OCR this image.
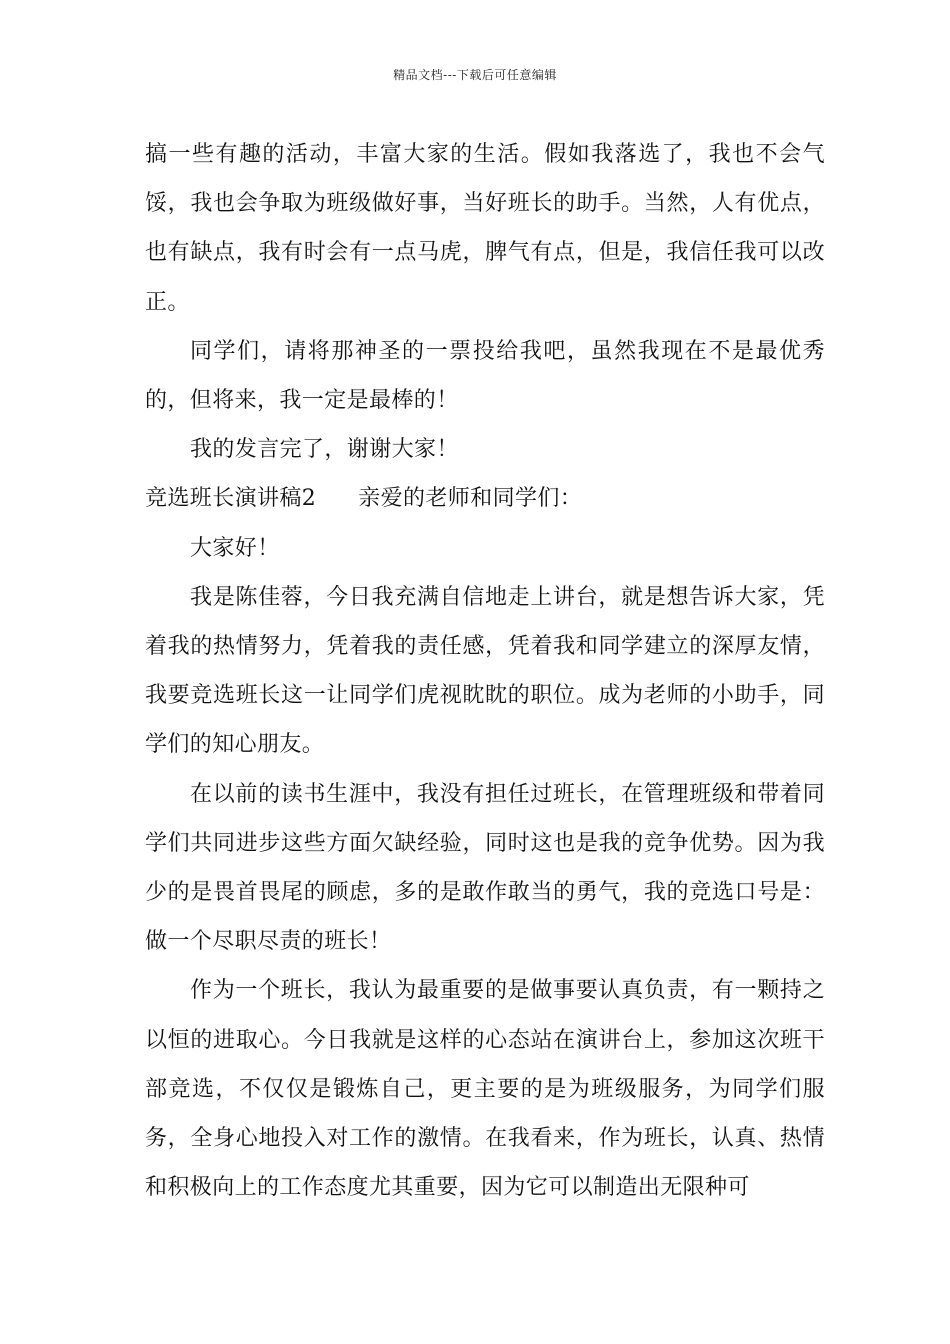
精品文档---下载后可任意编辑

搞一些有趣的活动，丰富大家的生活。假如我落选了，我也不会气馁，我也会争取为班级做好事，当好班长的助手。当然，人有优点，也有缺点，我有时会有一点马虎，脾气有点，但是，我信任我可以改正。

同学们，请将那神圣的一票投给我吧，虽然我现在不是最优秀的，但将来，我一定是最棒的！

我的发言完了，谢谢大家！

竞选班长演讲稿2 亲爱的老师和同学们：

大家好！

我是陈佳蓉，今日我充满自信地走上讲台，就是想告诉大家，凭着我的热情努力，凭着我的责任感，凭着我和同学建立的深厚友情，我要竞选班长这一让同学们虎视眈眈的职位。成为老师的小助手，同学们的知心朋友。

在以前的读书生涯中，我没有担任过班长，在管理班级和带着同学们共同进步这些方面欠缺经验，同时这也是我的竞争优势。因为我少的是畏首畏尾的顾虑，多的是敢作敢当的勇气，我的竞选口号是：做一个尽职尽责的班长！

作为一个班长，我认为最重要的是做事要认真负责，有一颗持之以恒的进取心。今日我就是这样的心态站在演讲台上，参加这次班干部竞选，不仅仅是锻炼自己，更主要的是为班级服务，为同学们服务，全身心地投入对工作的激情。在我看来，作为班长，认真、热情和积极向上的工作态度尤其重要，因为它可以制造出无限种可
